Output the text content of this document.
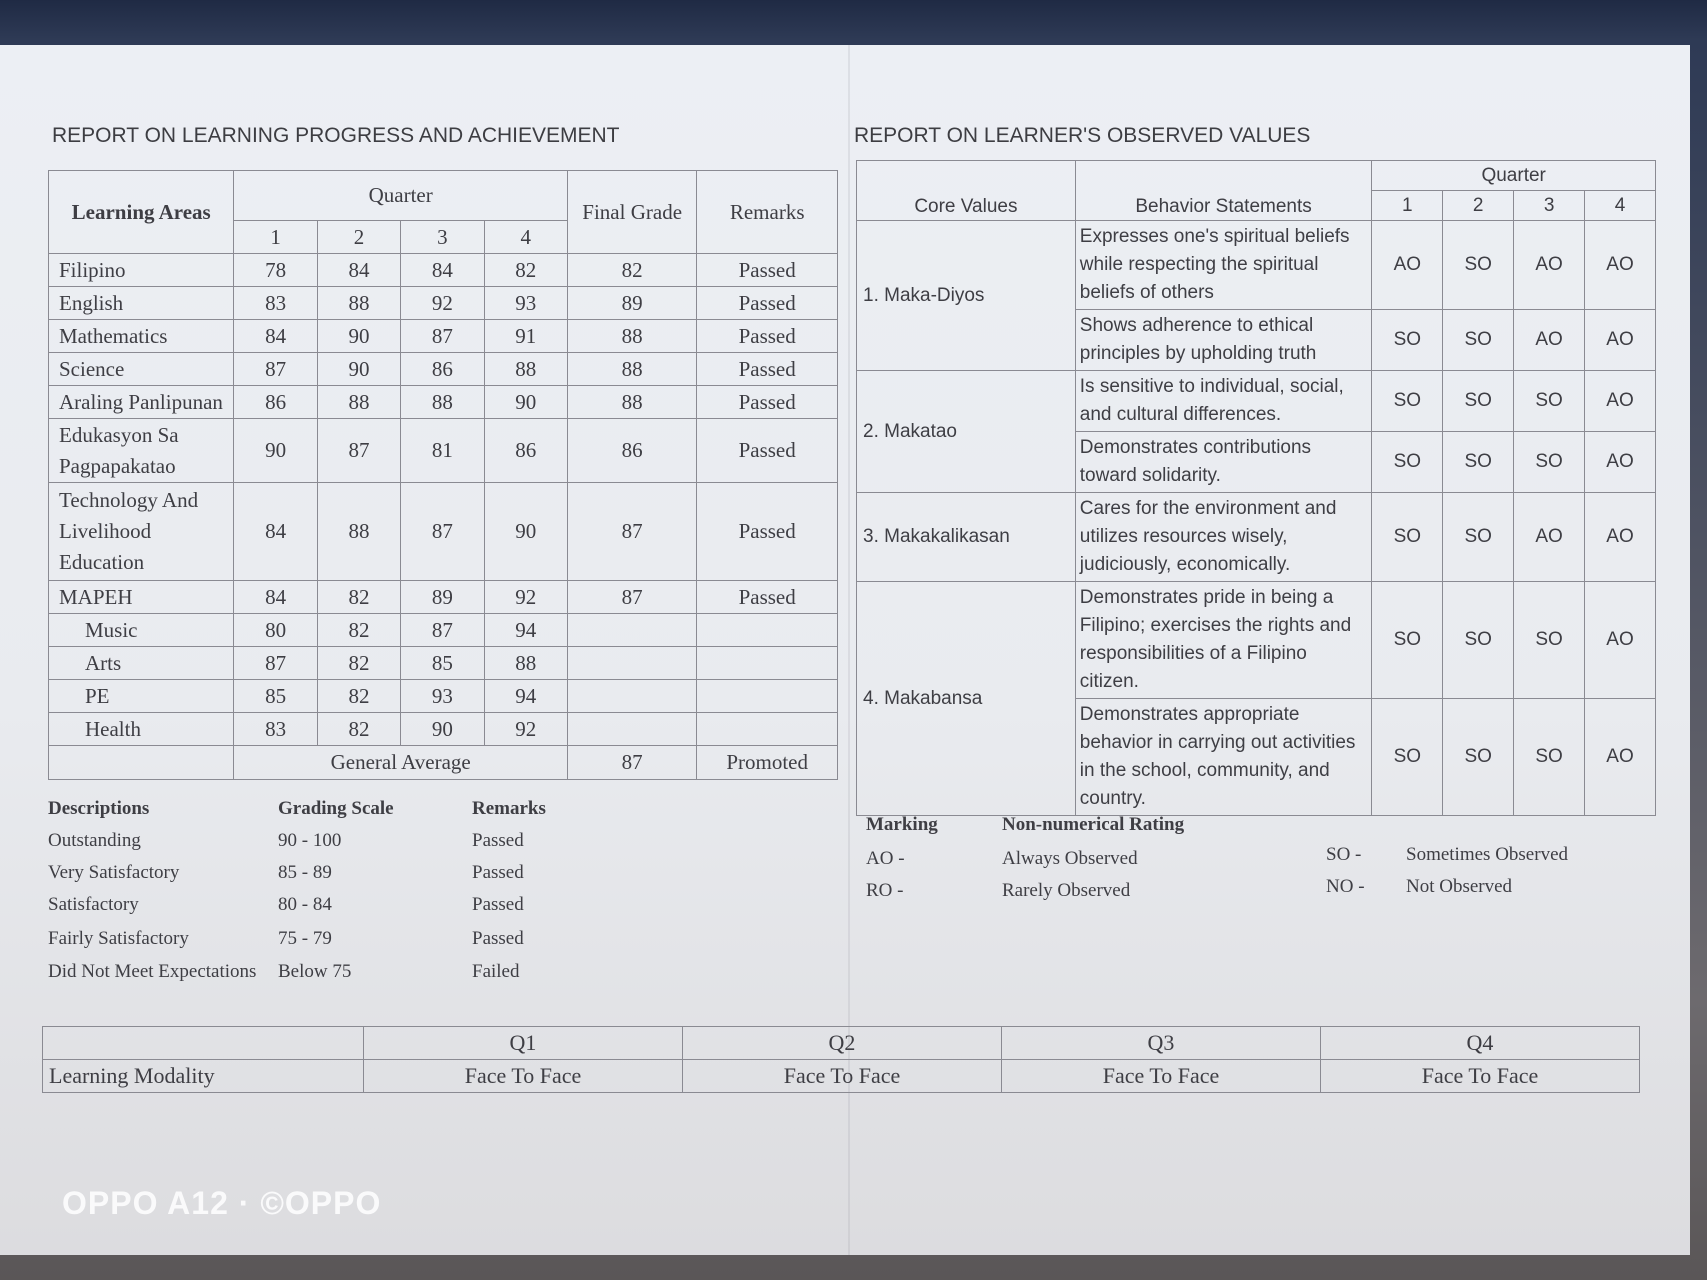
REPORT ON LEARNING PROGRESS AND ACHIEVEMENT	REPORT ON LEARNER'S OBSERVED VALUES
Learning Areas	Quarter				Final Grade	Remarks
	1	2	3	4		
Filipino	78	84	84	82	82	Passed
English	83	88	92	93	89	Passed
Mathematics	84	90	87	91	88	Passed
Science	87	90	86	88	88	Passed
Araling Panlipunan	86	88	88	90	88	Passed
Edukasyon Sa
Pagpapakatao	90	87	81	86	86	Passed
Technology And
Livelihood
Education	84	88	87	90	87	Passed
MAPEH	84	82	89	92	87	Passed
Music	80	82	87	94		
Arts	87	82	85	88		
PE	85	82	93	94		
Health	83	82	90	92		
	General Average				87	Promoted
Descriptions	Grading Scale	Remarks
Outstanding	90 - 100	Passed
Very Satisfactory	85 - 89	Passed
Satisfactory	80 - 84	Passed
Fairly Satisfactory	75 - 79	Passed
Did Not Meet Expectations Below 75	Failed
Core Values	Behavior Statements	Quarter			
		1	2	3	4
1. Maka-Diyos	Expresses one's spiritual beliefs
while respecting the spiritual
beliefs of others	AO	SO	AO	AO
	Shows adherence to ethical
principles by upholding truth	SO	SO	AO	AO
2. Makatao	Is sensitive to individual, social,
and cultural differences.	SO	SO	SO	AO
	Demonstrates contributions
toward solidarity.	SO	SO	SO	AO
3. Makakalikasan	Cares for the environment and
utilizes resources wisely,
judiciously, economically.	SO	SO	AO	AO
4. Makabansa	Demonstrates pride in being a
Filipino; exercises the rights and
responsibilities of a Filipino
citizen.	SO	SO	SO	AO
	Demonstrates appropriate
behavior in carrying out activities
in the school, community, and
country.	SO	SO	SO	AO
Marking	Non-numerical Rating
AO -	Always Observed	SO - Sometimes Observed
RO -	Rarely Observed	NO - Not Observed
	Q1	Q2	Q3	Q4
Learning Modality	Face To Face	Face To Face	Face To Face	Face To Face
OPPO A12 · ©OPPO
